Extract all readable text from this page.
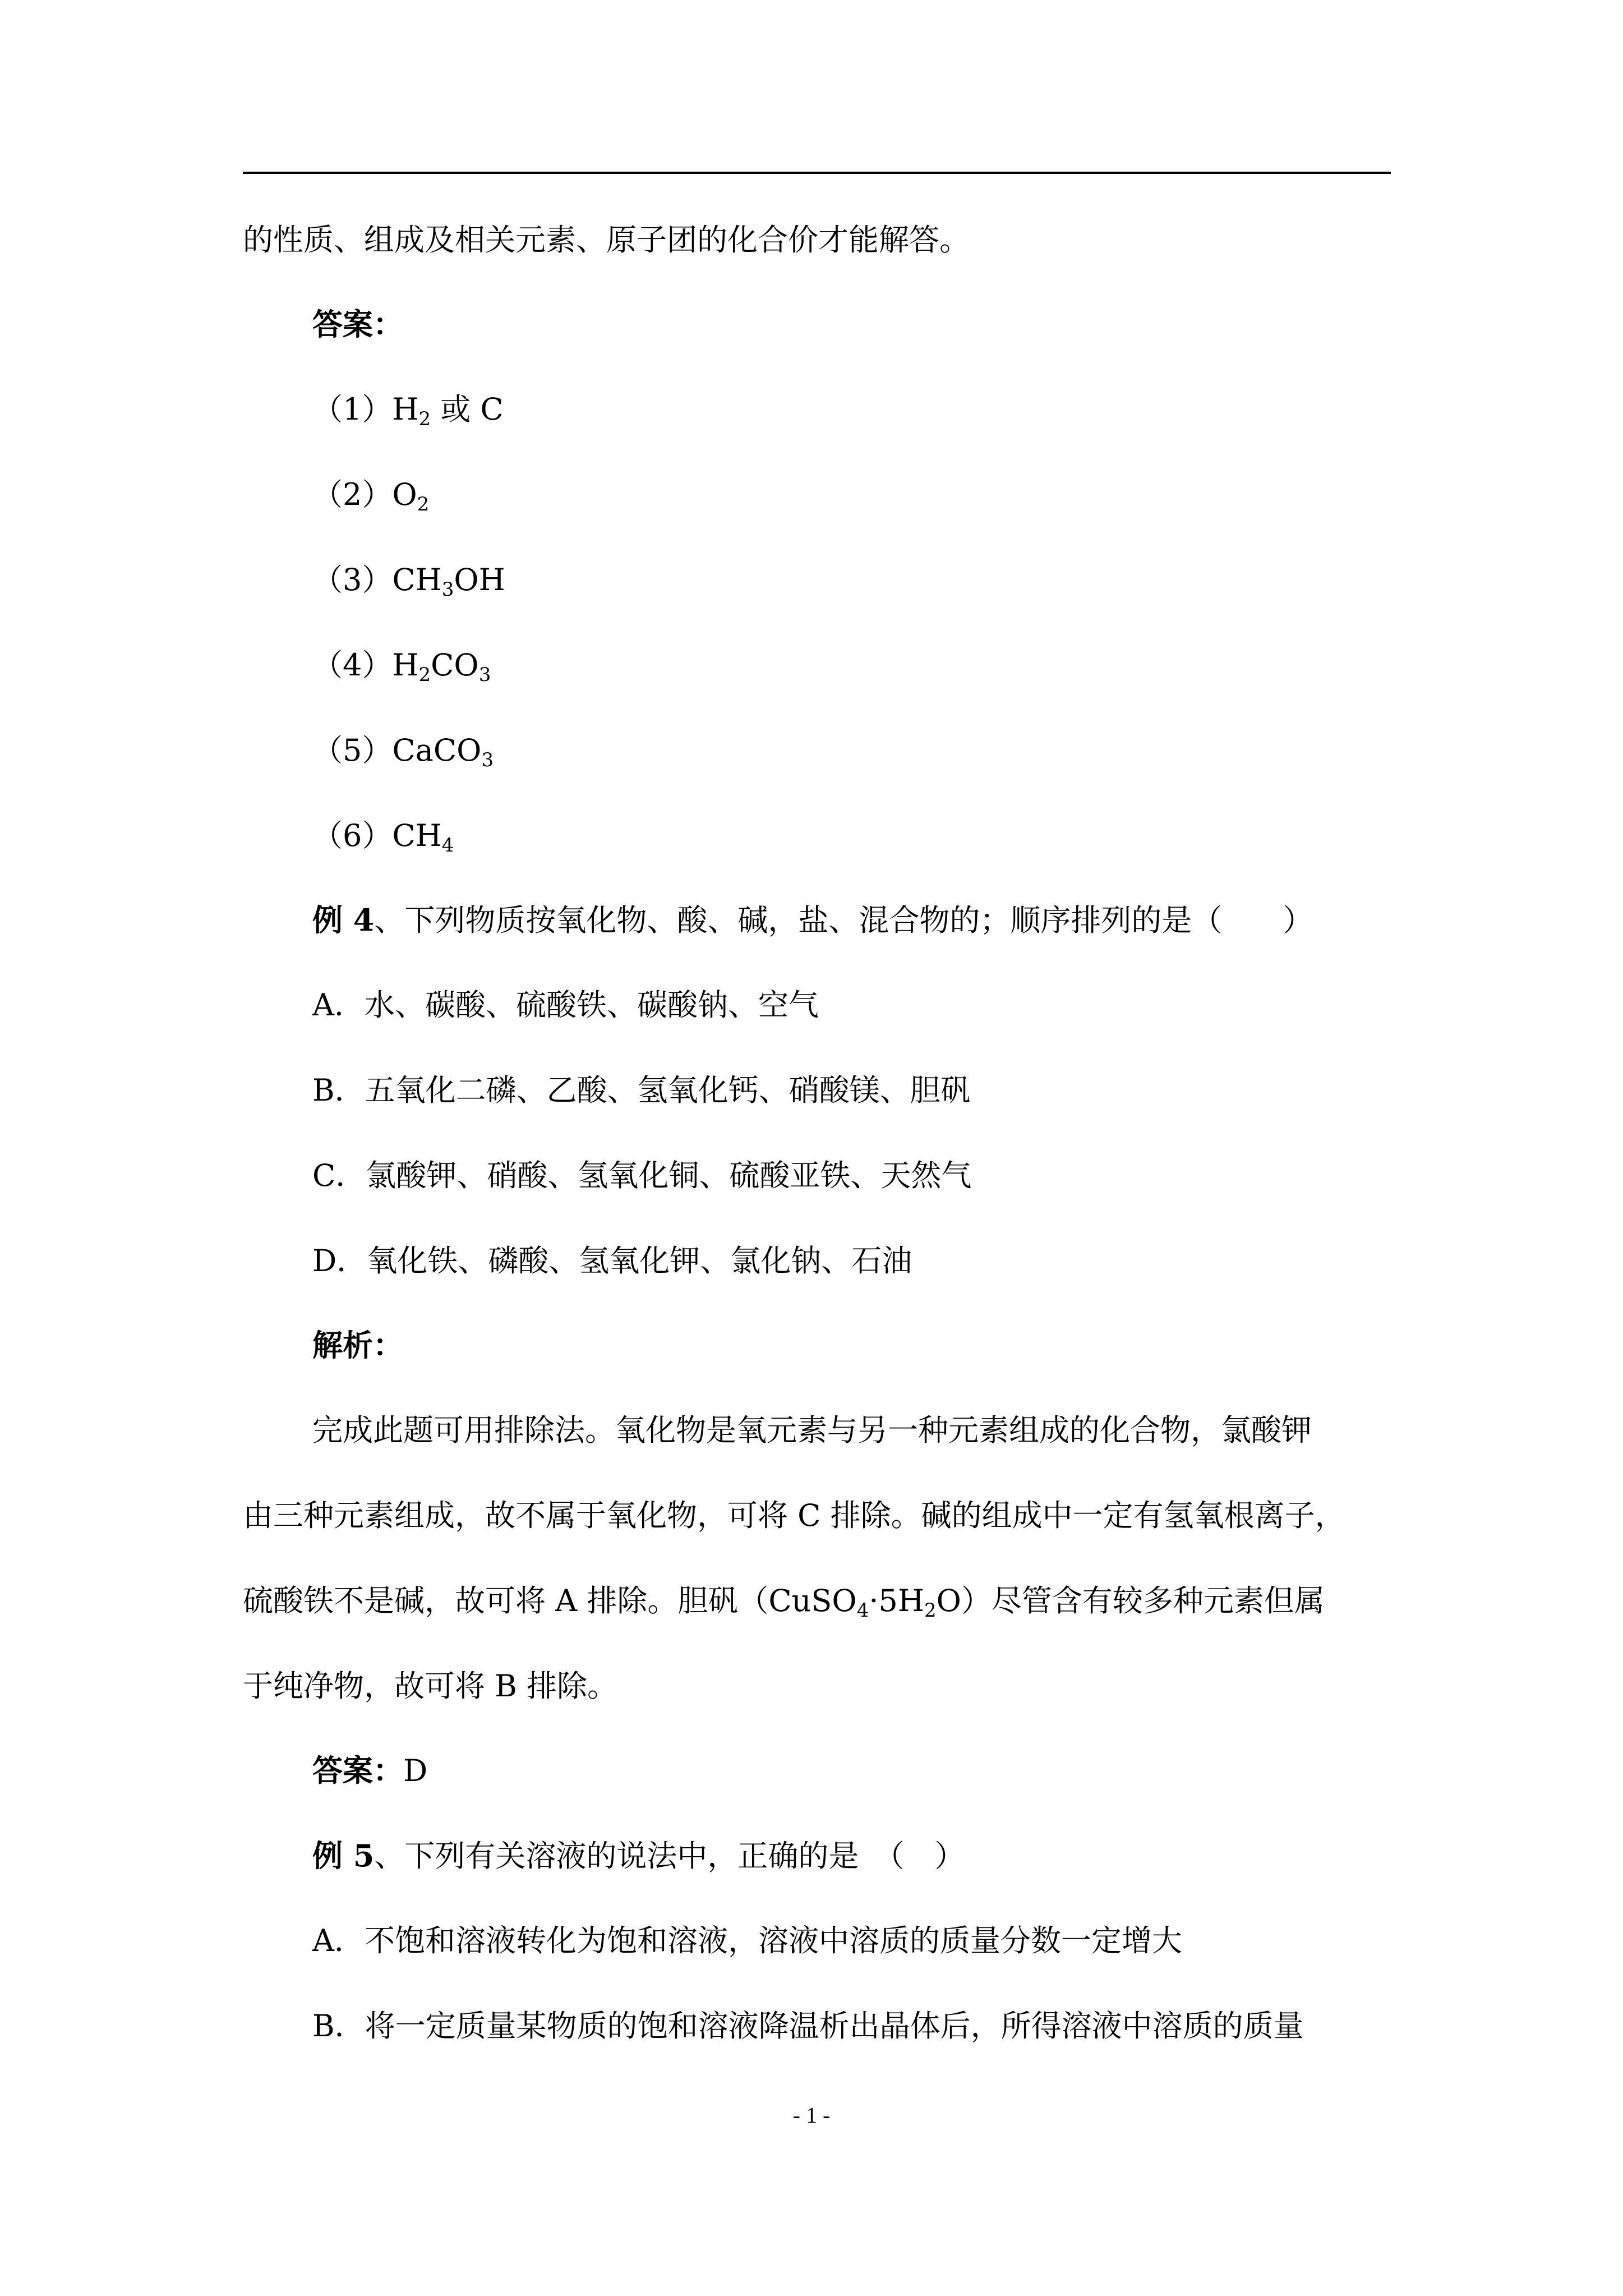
的性质、组成及相关元素、原子团的化合价才能解答。
答案：
$(1)H_2$ 或 C
$(2)O_2$
$(3)CH_3OH$
$(4)H_2CO_3$
（5）CaCO$_3$
$(6)CH_4$
例 4、下列物质按氧化物、酸、碱，盐、混合物的；顺序排列的是（　　）
A．水、碳酸、硫酸铁、碳酸钠、空气
B．五氧化二磷、乙酸、氢氧化钙、硝酸镁、胆矾
C．氯酸钾、硝酸、氢氧化铜、硫酸亚铁、天然气
D．氧化铁、磷酸、氢氧化钾、氯化钠、石油
解析：
完成此题可用排除法。氧化物是氧元素与另一种元素组成的化合物，氯酸钾
由三种元素组成，故不属于氧化物，可将 C 排除。碱的组成中一定有氢氧根离子，
硫酸铁不是碱，故可将 A 排除。胆矾$(CuSO_4\cdot 5H_2O)$尽管含有较多种元素但属
于纯净物，故可将 B 排除。
答案：D
例 5、下列有关溶液的说法中，正确的是　（　）
A．不饱和溶液转化为饱和溶液，溶液中溶质的质量分数一定增大
B．将一定质量某物质的饱和溶液降温析出晶体后，所得溶液中溶质的质量
- 1 -
